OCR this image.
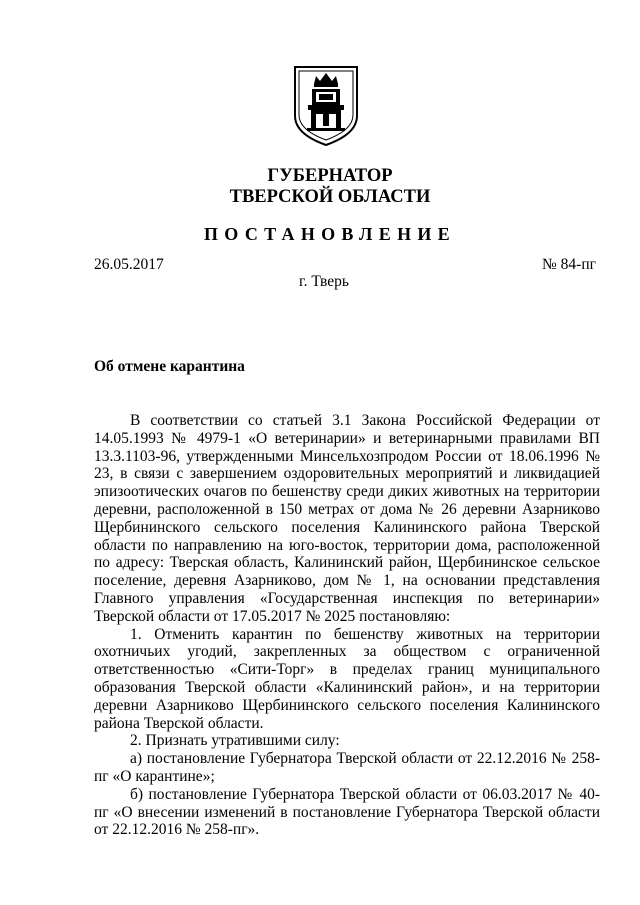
ГУБЕРНАТОР
ТВЕРСКОЙ ОБЛАСТИ
ПОСТАНОВЛЕНИЕ
26.05.2017	№ 84-пг
г. Тверь
Об отмене карантина

В соответствии со статьей 3.1 Закона Российской Федерации от 14.05.1993 № 4979-1 «О ветеринарии» и ветеринарными правилами ВП 13.3.1103-96, утвержденными Минсельхозпродом России от 18.06.1996 № 23, в связи с завершением оздоровительных мероприятий и ликвидацией эпизоотических очагов по бешенству среди диких животных на территории деревни, расположенной в 150 метрах от дома № 26 деревни Азарниково Щербининского сельского поселения Калининского района Тверской области по направлению на юго-восток, территории дома, расположенной по адресу: Тверская область, Калининский район, Щербининское сельское поселение, деревня Азарниково, дом № 1, на основании представления Главного управления «Государственная инспекция по ветеринарии» Тверской области от 17.05.2017 № 2025 постановляю:

1. Отменить карантин по бешенству животных на территории охотничьих угодий, закрепленных за обществом с ограниченной ответственностью «Сити-Торг» в пределах границ муниципального образования Тверской области «Калининский район», и на территории деревни Азарниково Щербининского сельского поселения Калининского района Тверской области.

2. Признать утратившими силу:

а) постановление Губернатора Тверской области от 22.12.2016 № 258-пг «О карантине»;

б) постановление Губернатора Тверской области от 06.03.2017 № 40-пг «О внесении изменений в постановление Губернатора Тверской области от 22.12.2016 № 258-пг».
